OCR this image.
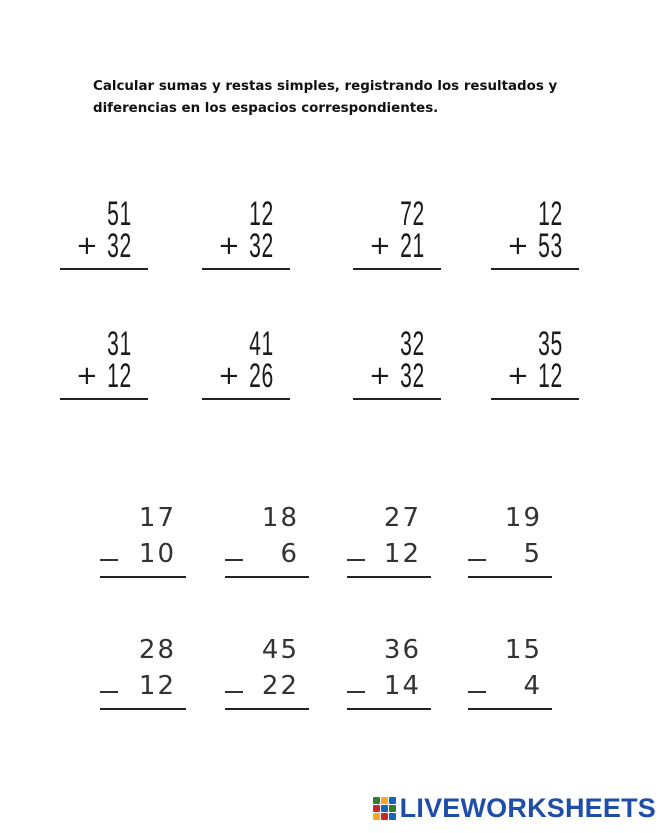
Calcular sumas y restas simples, registrando los resultados y
diferencias en los espacios correspondientes.
51
+ 32
12
+ 32
72
+ 21
12
+ 53
31
+ 12
41
+ 26
32
+ 32
35
+ 12
17
10
18
6
27
12
19
5
28
12
45
22
36
14
15
4
LIVEWORKSHEETS
